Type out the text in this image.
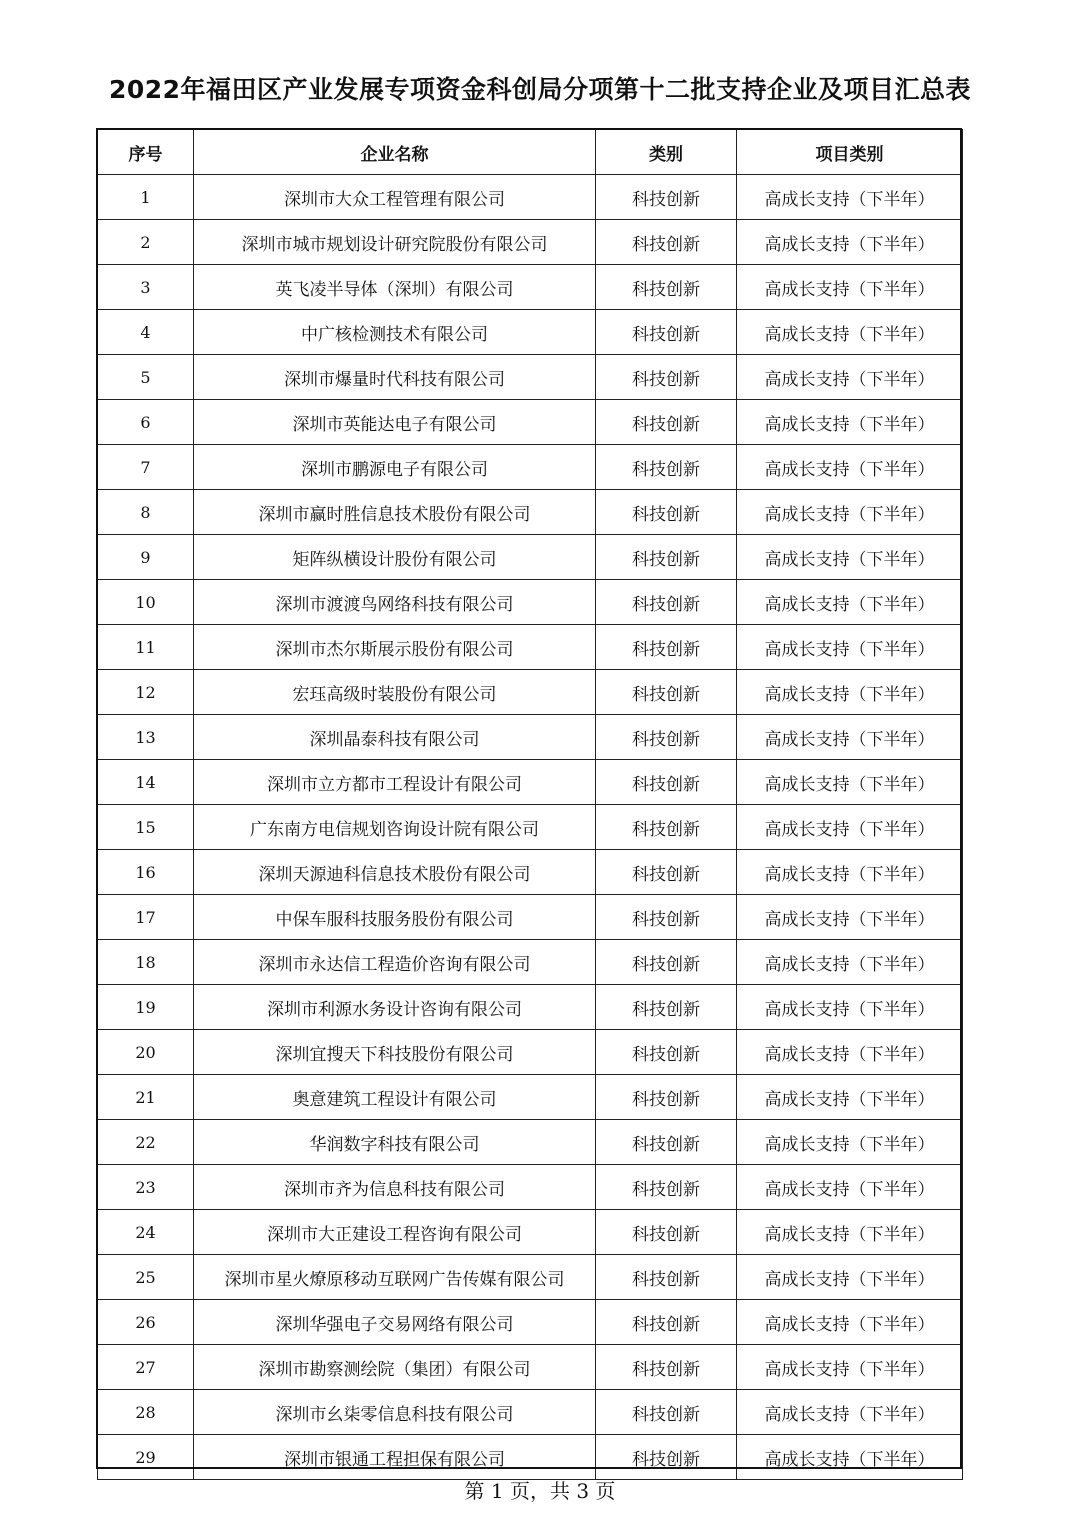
2022年福田区产业发展专项资金科创局分项第十二批支持企业及项目汇总表
序号	企业名称	类别	项目类别
1	深圳市大众工程管理有限公司	科技创新	高成长支持（下半年）
2	深圳市城市规划设计研究院股份有限公司	科技创新	高成长支持（下半年）
3	英飞凌半导体（深圳）有限公司	科技创新	高成长支持（下半年）
4	中广核检测技术有限公司	科技创新	高成长支持（下半年）
5	深圳市爆量时代科技有限公司	科技创新	高成长支持（下半年）
6	深圳市英能达电子有限公司	科技创新	高成长支持（下半年）
7	深圳市鹏源电子有限公司	科技创新	高成长支持（下半年）
8	深圳市赢时胜信息技术股份有限公司	科技创新	高成长支持（下半年）
9	矩阵纵横设计股份有限公司	科技创新	高成长支持（下半年）
10	深圳市渡渡鸟网络科技有限公司	科技创新	高成长支持（下半年）
11	深圳市杰尔斯展示股份有限公司	科技创新	高成长支持（下半年）
12	宏珏高级时装股份有限公司	科技创新	高成长支持（下半年）
13	深圳晶泰科技有限公司	科技创新	高成长支持（下半年）
14	深圳市立方都市工程设计有限公司	科技创新	高成长支持（下半年）
15	广东南方电信规划咨询设计院有限公司	科技创新	高成长支持（下半年）
16	深圳天源迪科信息技术股份有限公司	科技创新	高成长支持（下半年）
17	中保车服科技服务股份有限公司	科技创新	高成长支持（下半年）
18	深圳市永达信工程造价咨询有限公司	科技创新	高成长支持（下半年）
19	深圳市利源水务设计咨询有限公司	科技创新	高成长支持（下半年）
20	深圳宜搜天下科技股份有限公司	科技创新	高成长支持（下半年）
21	奥意建筑工程设计有限公司	科技创新	高成长支持（下半年）
22	华润数字科技有限公司	科技创新	高成长支持（下半年）
23	深圳市齐为信息科技有限公司	科技创新	高成长支持（下半年）
24	深圳市大正建设工程咨询有限公司	科技创新	高成长支持（下半年）
25	深圳市星火燎原移动互联网广告传媒有限公司	科技创新	高成长支持（下半年）
26	深圳华强电子交易网络有限公司	科技创新	高成长支持（下半年）
27	深圳市勘察测绘院（集团）有限公司	科技创新	高成长支持（下半年）
28	深圳市幺柒零信息科技有限公司	科技创新	高成长支持（下半年）
29	深圳市银通工程担保有限公司	科技创新	高成长支持（下半年）
第 1 页，共 3 页
